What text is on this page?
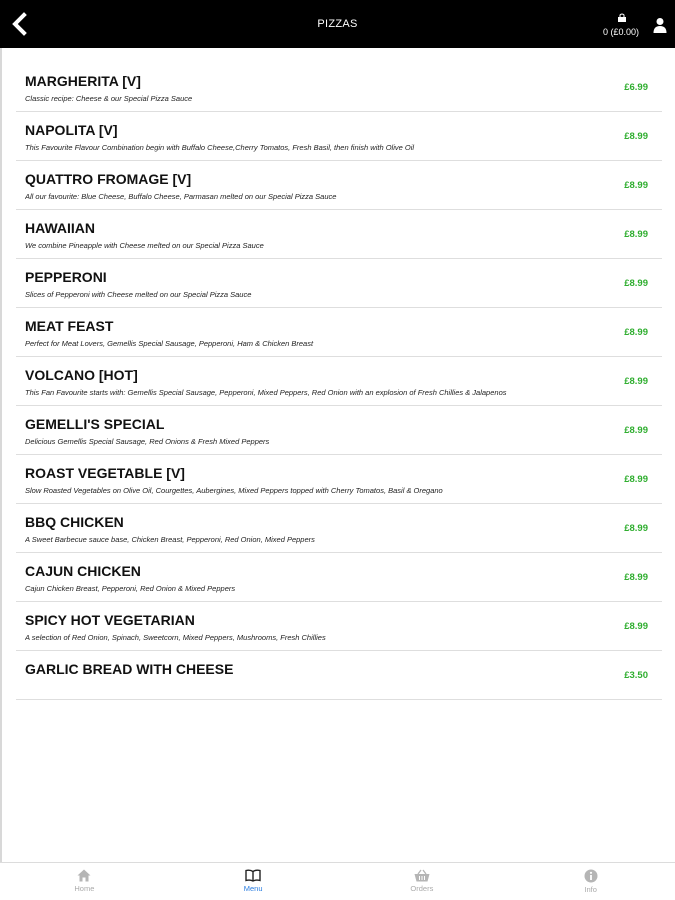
PIZZAS
0 (£0.00)
MARGHERITA [V]
Classic recipe: Cheese & our Special Pizza Sauce
£6.99
NAPOLITA [V]
This Favourite Flavour Combination begin with Buffalo Cheese,Cherry Tomatos, Fresh Basil, then finish with Olive Oil
£8.99
QUATTRO FROMAGE [V]
All our favourite: Blue Cheese, Buffalo Cheese, Parmasan melted on our Special Pizza Sauce
£8.99
HAWAIIAN
We combine Pineapple with Cheese melted on our Special Pizza Sauce
£8.99
PEPPERONI
Slices of Pepperoni with Cheese melted on our Special Pizza Sauce
£8.99
MEAT FEAST
Perfect for Meat Lovers, Gemellis Special Sausage, Pepperoni, Ham & Chicken Breast
£8.99
VOLCANO [HOT]
This Fan Favourite starts with: Gemellis Special Sausage, Pepperoni, Mixed Peppers, Red Onion with an explosion of Fresh Chillies & Jalapenos
£8.99
GEMELLI'S SPECIAL
Delicious Gemellis Special Sausage, Red Onions & Fresh Mixed Peppers
£8.99
ROAST VEGETABLE [V]
Slow Roasted Vegetables on Olive Oil, Courgettes, Aubergines, Mixed Peppers topped with Cherry Tomatos, Basil & Oregano
£8.99
BBQ CHICKEN
A Sweet Barbecue sauce base, Chicken Breast, Pepperoni, Red Onion, Mixed Peppers
£8.99
CAJUN CHICKEN
Cajun Chicken Breast, Pepperoni, Red Onion & Mixed Peppers
£8.99
SPICY HOT VEGETARIAN
A selection of Red Onion, Spinach, Sweetcorn, Mixed Peppers, Mushrooms, Fresh Chillies
£8.99
GARLIC BREAD WITH CHEESE	£3.50
Home	Menu	Orders	Info
